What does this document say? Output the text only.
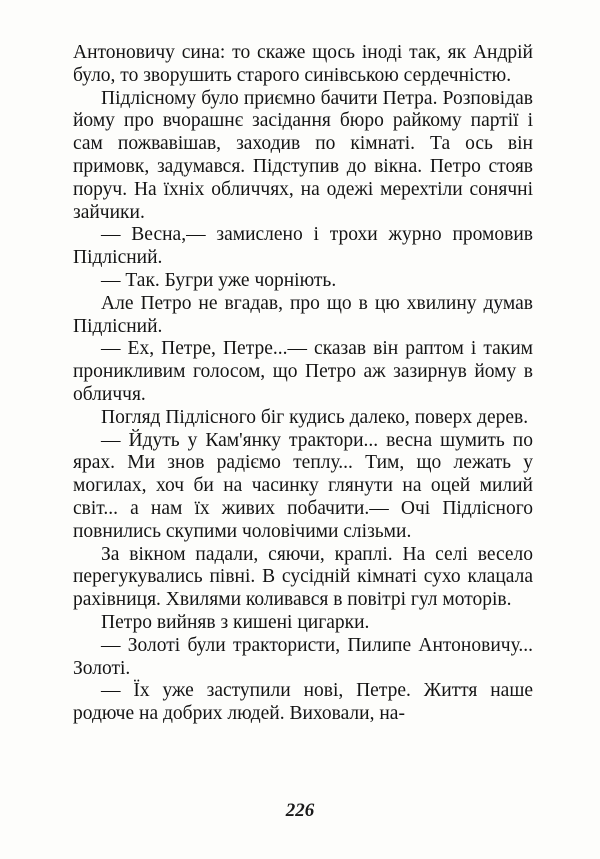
Антоновичу сина: то скаже щось іноді так, як Андрій було, то зворушить старого синівською сердечністю.

Підлісному було приємно бачити Петра. Розповідав йому про вчорашнє засідання бюро райкому партії і сам пожвавішав, заходив по кімнаті. Та ось він примовк, задумався. Підступив до вікна. Петро стояв поруч. На їхніх обличчях, на одежі мерехтіли сонячні зайчики.

— Весна,— замислено і трохи журно промовив Підлісний.

— Так. Бугри уже чорніють.

Але Петро не вгадав, про що в цю хвилину думав Підлісний.

— Ех, Петре, Петре...— сказав він раптом і таким проникливим голосом, що Петро аж зазирнув йому в обличчя.

Погляд Підлісного біг кудись далеко, поверх дерев.

— Йдуть у Кам'янку трактори... весна шумить по ярах. Ми знов радіємо теплу... Тим, що лежать у могилах, хоч би на часинку глянути на оцей милий світ... а нам їх живих побачити.— Очі Підлісного повнились скупими чоловічими слізьми.

За вікном падали, сяючи, краплі. На селі весело перегукувались півні. В сусідній кімнаті сухо клацала рахівниця. Хвилями коливався в повітрі гул моторів.

Петро вийняв з кишені цигарки.

— Золоті були трактористи, Пилипе Антоновичу... Золоті.

— Їх уже заступили нові, Петре. Життя наше родюче на добрих людей. Виховали, на-

226
